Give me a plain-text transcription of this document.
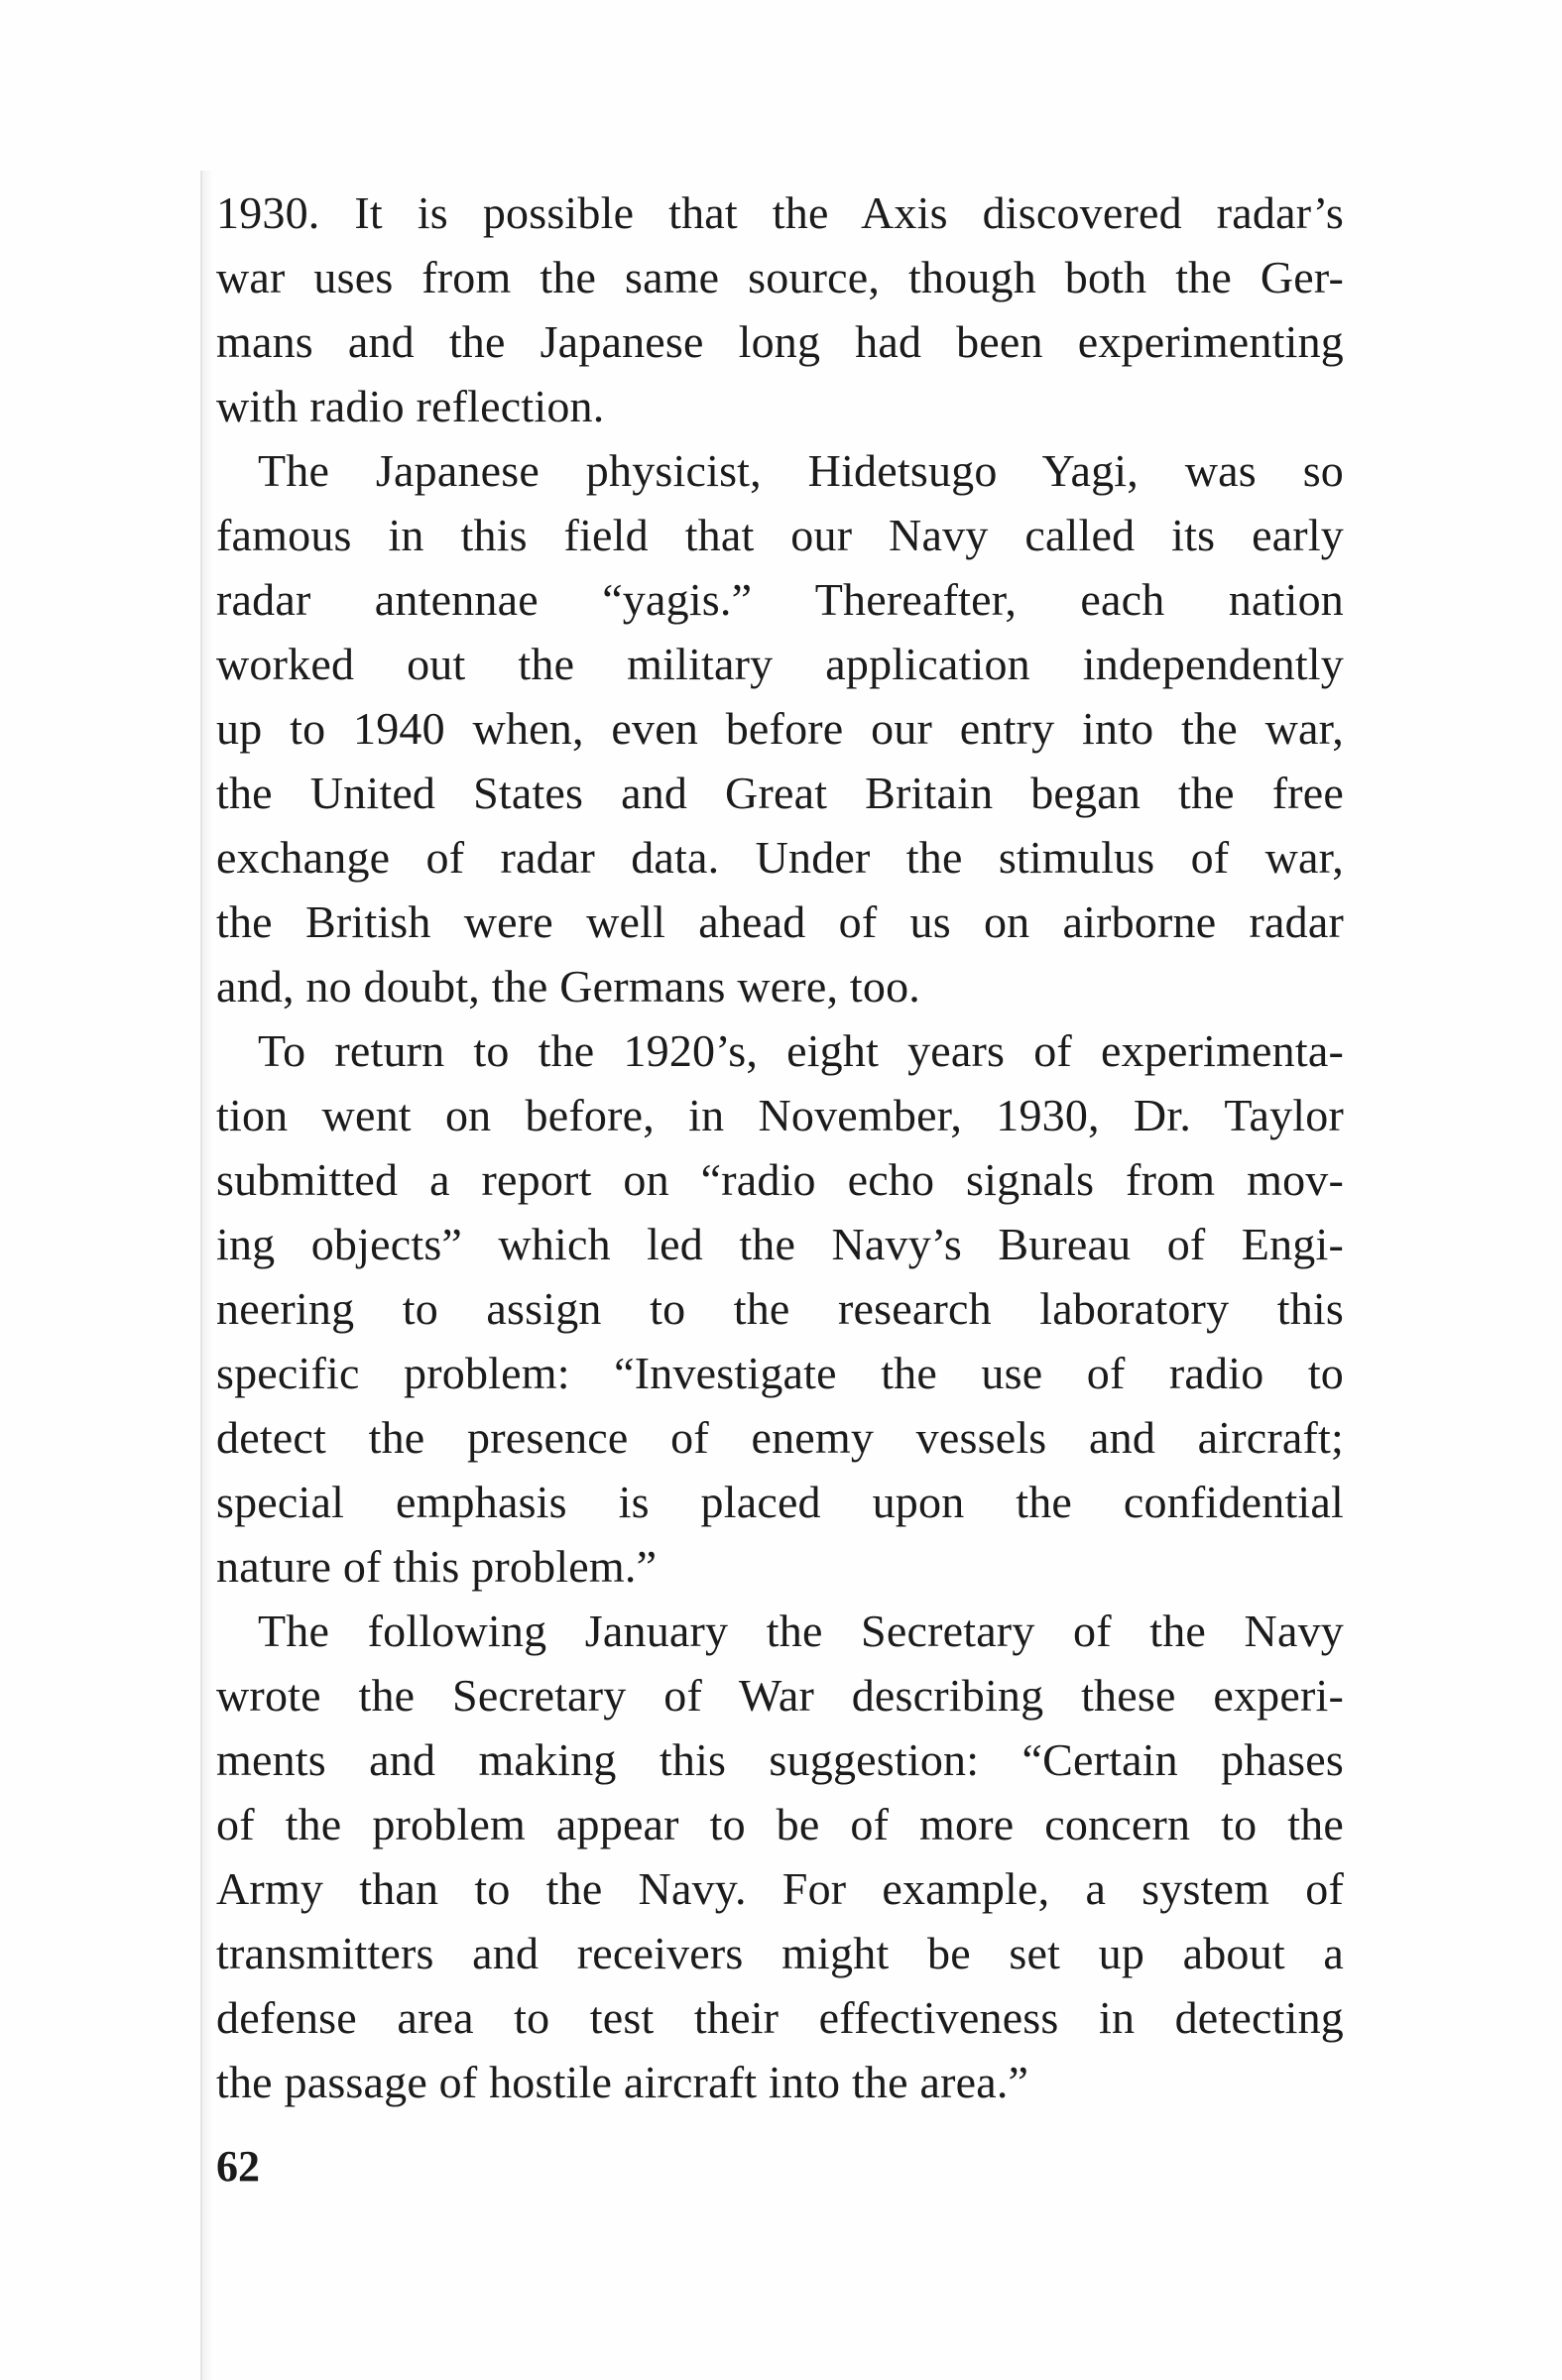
1930. It is possible that the Axis discovered radar’s

war uses from the same source, though both the Ger-

mans and the Japanese long had been experimenting

with radio reflection.

The Japanese physicist, Hidetsugo Yagi, was so

famous in this field that our Navy called its early

radar antennae “yagis.” Thereafter, each nation

worked out the military application independently

up to 1940 when, even before our entry into the war,

the United States and Great Britain began the free

exchange of radar data. Under the stimulus of war,

the British were well ahead of us on airborne radar

and, no doubt, the Germans were, too.

To return to the 1920’s, eight years of experimenta-

tion went on before, in November, 1930, Dr. Taylor

submitted a report on “radio echo signals from mov-

ing objects” which led the Navy’s Bureau of Engi-

neering to assign to the research laboratory this

specific problem: “Investigate the use of radio to

detect the presence of enemy vessels and aircraft;

special emphasis is placed upon the confidential

nature of this problem.”

The following January the Secretary of the Navy

wrote the Secretary of War describing these experi-

ments and making this suggestion: “Certain phases

of the problem appear to be of more concern to the

Army than to the Navy. For example, a system of

transmitters and receivers might be set up about a

defense area to test their effectiveness in detecting

the passage of hostile aircraft into the area.”

62
